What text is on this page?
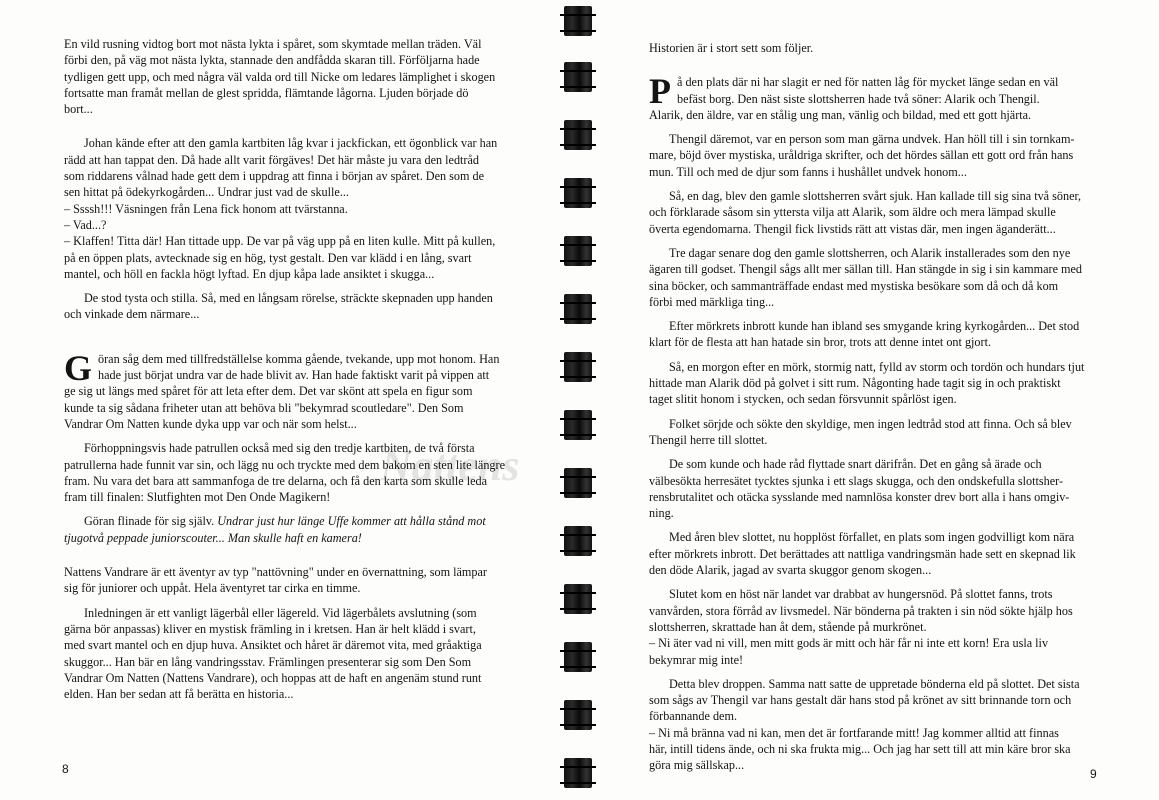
Nattens

En vild rusning vidtog bort mot nästa lykta i spåret, som skymtade mellan träden. Väl
förbi den, på väg mot nästa lykta, stannade den andfådda skaran till. Förföljarna hade
tydligen gett upp, och med några väl valda ord till Nicke om ledares lämplighet i skogen
fortsatte man framåt mellan de glest spridda, flämtande lågorna. Ljuden började dö
bort...

Johan kände efter att den gamla kartbiten låg kvar i jackfickan, ett ögonblick var han
rädd att han tappat den. Då hade allt varit förgäves! Det här måste ju vara den ledtråd
som riddarens vålnad hade gett dem i uppdrag att finna i början av spåret. Den som de
sen hittat på ödekyrkogården... Undrar just vad de skulle...
– Ssssh!!! Väsningen från Lena fick honom att tvärstanna.
– Vad...?
– Klaffen! Titta där! Han tittade upp. De var på väg upp på en liten kulle. Mitt på kullen,
på en öppen plats, avtecknade sig en hög, tyst gestalt. Den var klädd i en lång, svart
mantel, och höll en fackla högt lyftad. En djup kåpa lade ansiktet i skugga...

De stod tysta och stilla. Så, med en långsam rörelse, sträckte skepnaden upp handen
och vinkade dem närmare...

G öran såg dem med tillfredställelse komma gående, tvekande, upp mot honom. Han
hade just börjat undra var de hade blivit av. Han hade faktiskt varit på vippen att
ge sig ut längs med spåret för att leta efter dem. Det var skönt att spela en figur som
kunde ta sig sådana friheter utan att behöva bli "bekymrad scoutledare". Den Som
Vandrar Om Natten kunde dyka upp var och när som helst...

Förhoppningsvis hade patrullen också med sig den tredje kartbiten, de två första
patrullerna hade funnit var sin, och lägg nu och tryckte med dem bakom en sten lite längre
fram. Nu vara det bara att sammanfoga de tre delarna, och få den karta som skulle leda
fram till finalen: Slutfighten mot Den Onde Magikern!

Göran flinade för sig själv. Undrar just hur länge Uffe kommer att hålla stånd mot
tjugotvå peppade juniorscouter... Man skulle haft en kamera!

Nattens Vandrare är ett äventyr av typ "nattövning" under en övernattning, som lämpar
sig för juniorer och uppåt. Hela äventyret tar cirka en timme.

Inledningen är ett vanligt lägerbål eller lägereld. Vid lägerbålets avslutning (som
gärna bör anpassas) kliver en mystisk främling in i kretsen. Han är helt klädd i svart,
med svart mantel och en djup huva. Ansiktet och håret är däremot vita, med gråaktiga
skuggor... Han bär en lång vandringsstav. Främlingen presenterar sig som Den Som
Vandrar Om Natten (Nattens Vandrare), och hoppas att de haft en angenäm stund runt
elden. Han ber sedan att få berätta en historia...

8

Historien är i stort sett som följer.

P å den plats där ni har slagit er ned för natten låg för mycket länge sedan en väl
befäst borg. Den näst siste slottsherren hade två söner: Alarik och Thengil.
Alarik, den äldre, var en stålig ung man, vänlig och bildad, med ett gott hjärta.

Thengil däremot, var en person som man gärna undvek. Han höll till i sin tornkam-
mare, böjd över mystiska, uråldriga skrifter, och det hördes sällan ett gott ord från hans
mun. Till och med de djur som fanns i hushållet undvek honom...

Så, en dag, blev den gamle slottsherren svårt sjuk. Han kallade till sig sina två söner,
och förklarade såsom sin yttersta vilja att Alarik, som äldre och mera lämpad skulle
överta egendomarna. Thengil fick livstids rätt att vistas där, men ingen äganderätt...

Tre dagar senare dog den gamle slottsherren, och Alarik installerades som den nye
ägaren till godset. Thengil sågs allt mer sällan till. Han stängde in sig i sin kammare med
sina böcker, och sammanträffade endast med mystiska besökare som då och då kom
förbi med märkliga ting...

Efter mörkrets inbrott kunde han ibland ses smygande kring kyrkogården... Det stod
klart för de flesta att han hatade sin bror, trots att denne intet ont gjort.

Så, en morgon efter en mörk, stormig natt, fylld av storm och tordön och hundars tjut
hittade man Alarik död på golvet i sitt rum. Någonting hade tagit sig in och praktiskt
taget slitit honom i stycken, och sedan försvunnit spårlöst igen.

Folket sörjde och sökte den skyldige, men ingen ledtråd stod att finna. Och så blev
Thengil herre till slottet.

De som kunde och hade råd flyttade snart därifrån. Det en gång så ärade och
välbesökta herresätet tycktes sjunka i ett slags skugga, och den ondskefulla slottsher-
rensbrutalitet och otäcka sysslande med namnlösa konster drev bort alla i hans omgiv-
ning.

Med åren blev slottet, nu hopplöst förfallet, en plats som ingen godvilligt kom nära
efter mörkrets inbrott. Det berättades att nattliga vandringsmän hade sett en skepnad lik
den döde Alarik, jagad av svarta skuggor genom skogen...

Slutet kom en höst när landet var drabbat av hungersnöd. På slottet fanns, trots
vanvården, stora förråd av livsmedel. När bönderna på trakten i sin nöd sökte hjälp hos
slottsherren, skrattade han åt dem, stående på murkrönet.
– Ni äter vad ni vill, men mitt gods är mitt och här får ni inte ett korn! Era usla liv
bekymrar mig inte!

Detta blev droppen. Samma natt satte de uppretade bönderna eld på slottet. Det sista
som sågs av Thengil var hans gestalt där hans stod på krönet av sitt brinnande torn och
förbannande dem.
– Ni må bränna vad ni kan, men det är fortfarande mitt! Jag kommer alltid att finnas
här, intill tidens ände, och ni ska frukta mig... Och jag har sett till att min käre bror ska
göra mig sällskap...

9
